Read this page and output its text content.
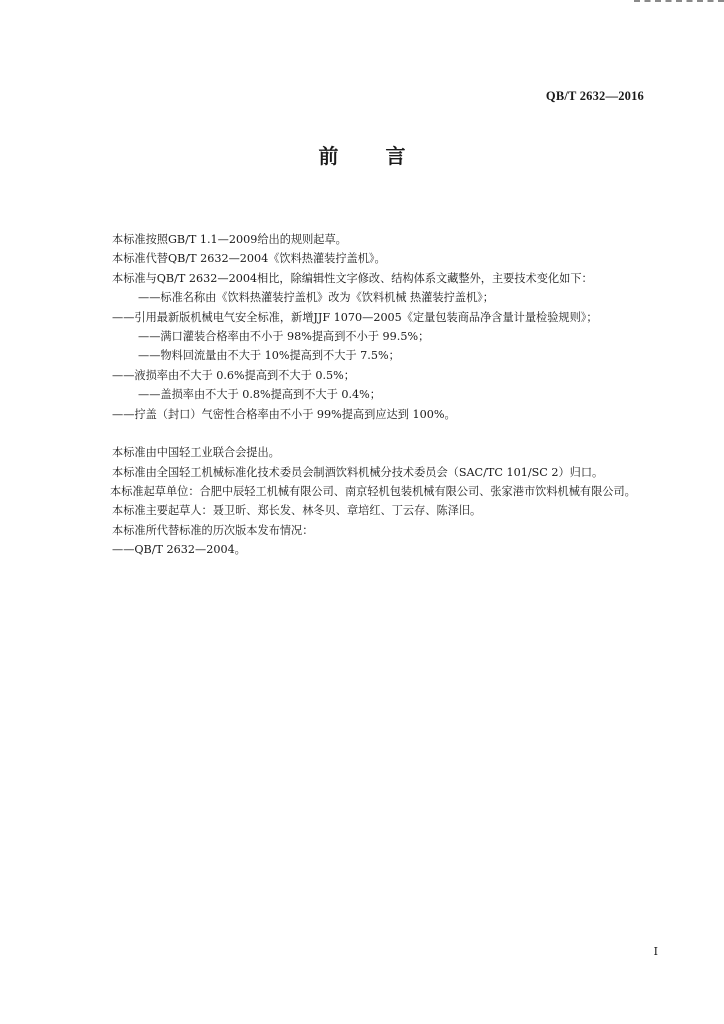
QB/T 2632—2016
前 言
本标准按照GB/T 1.1—2009给出的规则起草。
本标准代替QB/T 2632—2004《饮料热灌装拧盖机》。
本标准与QB/T 2632—2004相比，除编辑性文字修改、结构体系文藏整外，主要技术变化如下：
——标准名称由《饮料热灌装拧盖机》改为《饮料机械 热灌装拧盖机》；
——引用最新版机械电气安全标准，新增JJF 1070—2005《定量包装商品净含量计量检验规则》；
——满口灌装合格率由不小于 98%提高到不小于 99.5%；
——物料回流量由不大于 10%提高到不大于 7.5%；
——液损率由不大于 0.6%提高到不大于 0.5%；
——盖损率由不大于 0.8%提高到不大于 0.4%；
——拧盖（封口）气密性合格率由不小于 99%提高到应达到 100%。
本标准由中国轻工业联合会提出。
本标准由全国轻工机械标准化技术委员会制酒饮料机械分技术委员会（SAC/TC 101/SC 2）归口。
本标准起草单位：合肥中辰轻工机械有限公司、南京轻机包装机械有限公司、张家港市饮料机械有限公司。
本标准主要起草人：聂卫昕、郑长发、林冬贝、章培红、丁云存、陈泽旧。
本标准所代替标准的历次版本发布情况：
——QB/T 2632—2004。
I
